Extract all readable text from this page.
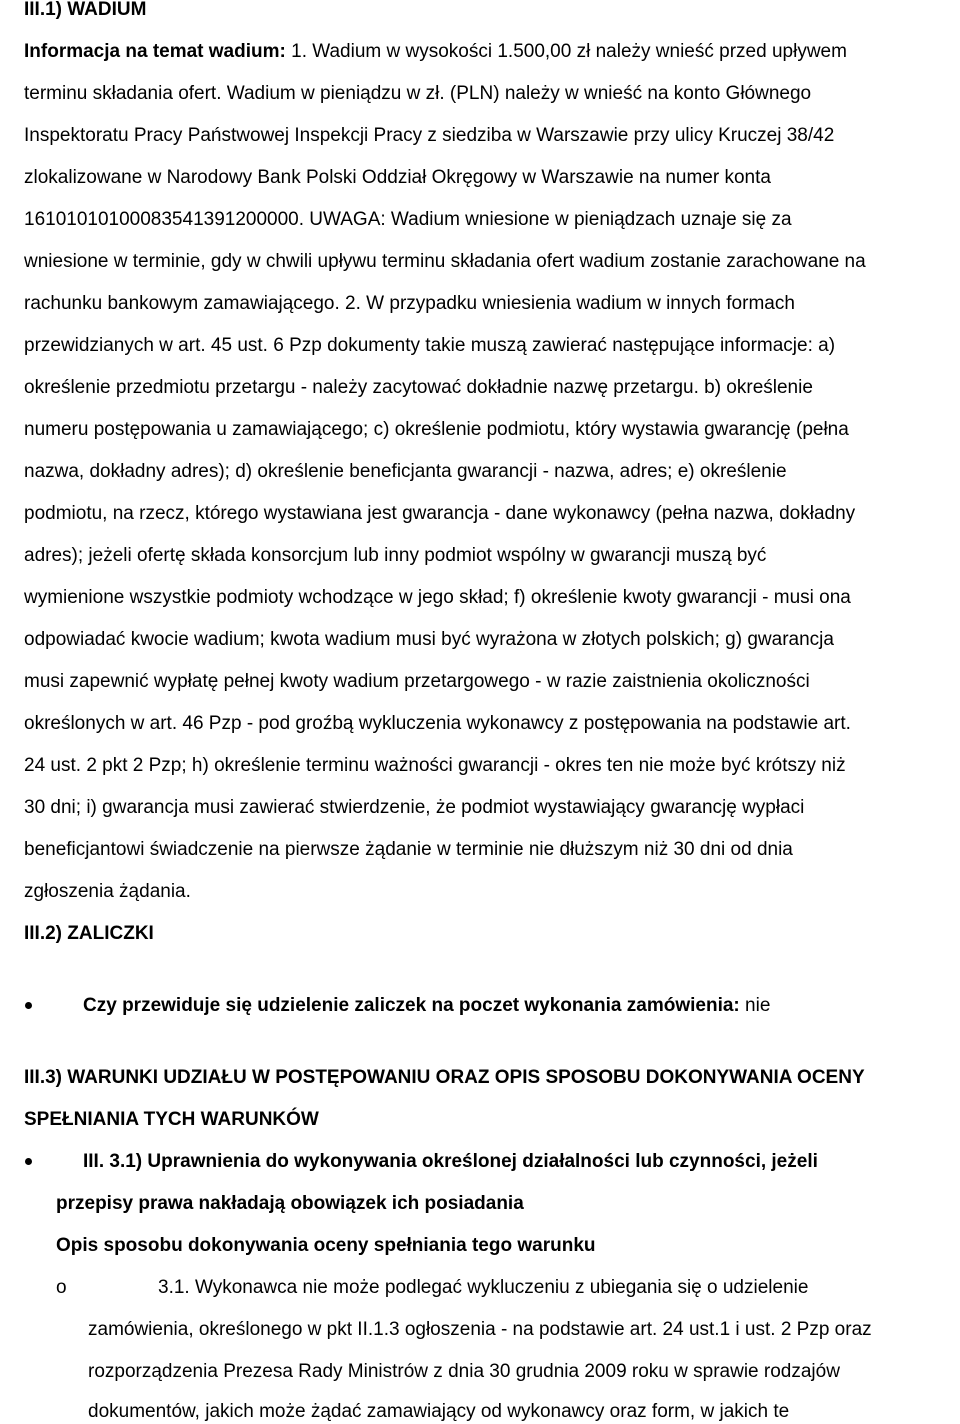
III.1) WADIUM
Informacja na temat wadium: 1. Wadium w wysokości 1.500,00 zł należy wnieść przed upływem
terminu składania ofert. Wadium w pieniądzu w zł. (PLN) należy w wnieść na konto Głównego
Inspektoratu Pracy Państwowej Inspekcji Pracy z siedziba w Warszawie przy ulicy Kruczej 38/42
zlokalizowane w Narodowy Bank Polski Oddział Okręgowy w Warszawie na numer konta
16101010100083541391200000. UWAGA: Wadium wniesione w pieniądzach uznaje się za
wniesione w terminie, gdy w chwili upływu terminu składania ofert wadium zostanie zarachowane na
rachunku bankowym zamawiającego. 2. W przypadku wniesienia wadium w innych formach
przewidzianych w art. 45 ust. 6 Pzp dokumenty takie muszą zawierać następujące informacje: a)
określenie przedmiotu przetargu - należy zacytować dokładnie nazwę przetargu. b) określenie
numeru postępowania u zamawiającego; c) określenie podmiotu, który wystawia gwarancję (pełna
nazwa, dokładny adres); d) określenie beneficjanta gwarancji - nazwa, adres; e) określenie
podmiotu, na rzecz, którego wystawiana jest gwarancja - dane wykonawcy (pełna nazwa, dokładny
adres); jeżeli ofertę składa konsorcjum lub inny podmiot wspólny w gwarancji muszą być
wymienione wszystkie podmioty wchodzące w jego skład; f) określenie kwoty gwarancji - musi ona
odpowiadać kwocie wadium; kwota wadium musi być wyrażona w złotych polskich; g) gwarancja
musi zapewnić wypłatę pełnej kwoty wadium przetargowego - w razie zaistnienia okoliczności
określonych w art. 46 Pzp - pod groźbą wykluczenia wykonawcy z postępowania na podstawie art.
24 ust. 2 pkt 2 Pzp; h) określenie terminu ważności gwarancji - okres ten nie może być krótszy niż
30 dni; i) gwarancja musi zawierać stwierdzenie, że podmiot wystawiający gwarancję wypłaci
beneficjantowi świadczenie na pierwsze żądanie w terminie nie dłuższym niż 30 dni od dnia
zgłoszenia żądania.
III.2) ZALICZKI
Czy przewiduje się udzielenie zaliczek na poczet wykonania zamówienia: nie
III.3) WARUNKI UDZIAŁU W POSTĘPOWANIU ORAZ OPIS SPOSOBU DOKONYWANIA OCENY
SPEŁNIANIA TYCH WARUNKÓW
III. 3.1) Uprawnienia do wykonywania określonej działalności lub czynności, jeżeli
przepisy prawa nakładają obowiązek ich posiadania
Opis sposobu dokonywania oceny spełniania tego warunku
o	3.1. Wykonawca nie może podlegać wykluczeniu z ubiegania się o udzielenie
zamówienia, określonego w pkt II.1.3 ogłoszenia - na podstawie art. 24 ust.1 i ust. 2 Pzp oraz
rozporządzenia Prezesa Rady Ministrów z dnia 30 grudnia 2009 roku w sprawie rodzajów
dokumentów, jakich może żądać zamawiający od wykonawcy oraz form, w jakich te
